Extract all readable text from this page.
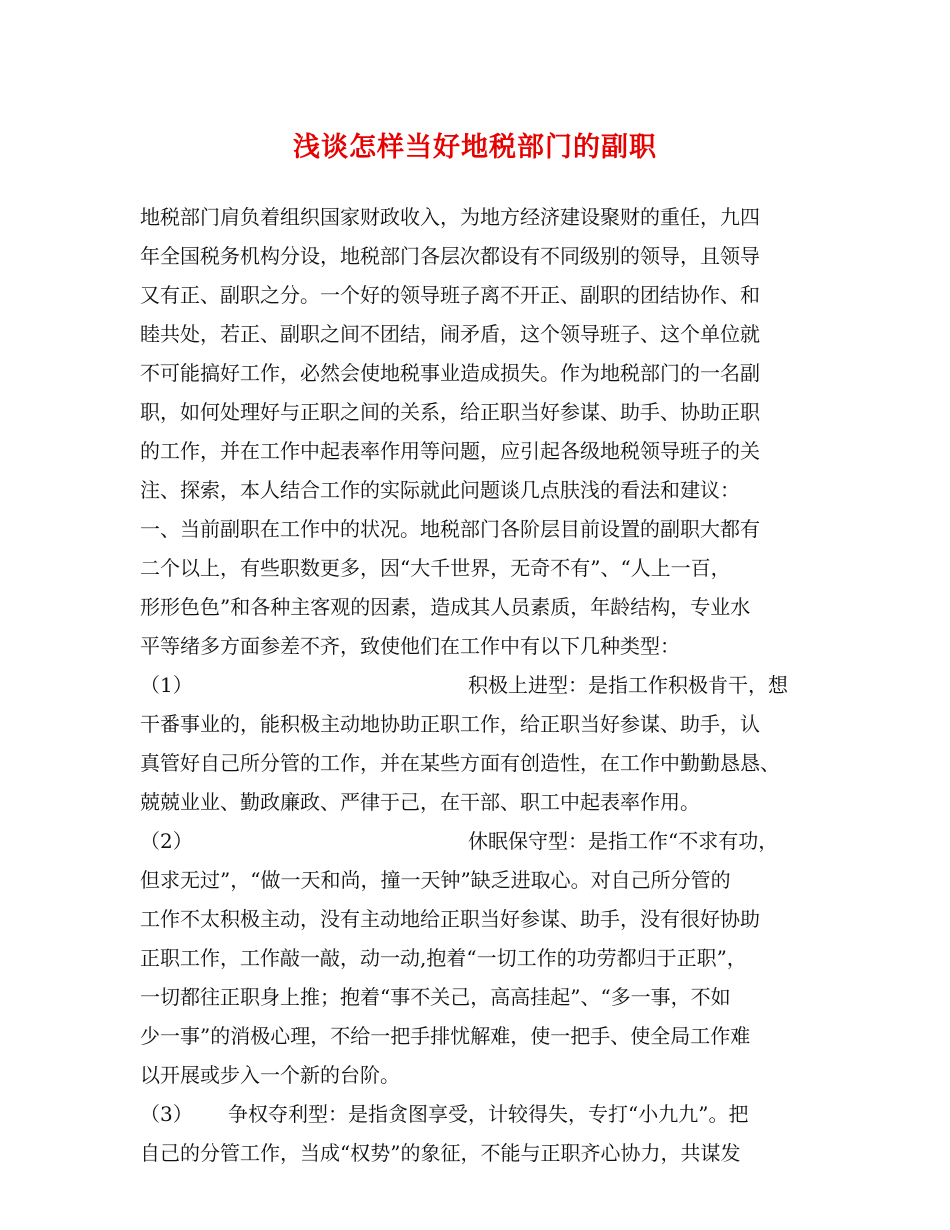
浅谈怎样当好地税部门的副职
地税部门肩负着组织国家财政收入，为地方经济建设聚财的重任，九四
年全国税务机构分设，地税部门各层次都设有不同级别的领导，且领导
又有正、副职之分。一个好的领导班子离不开正、副职的团结协作、和
睦共处，若正、副职之间不团结，闹矛盾，这个领导班子、这个单位就
不可能搞好工作，必然会使地税事业造成损失。作为地税部门的一名副
职，如何处理好与正职之间的关系，给正职当好参谋、助手、协助正职
的工作，并在工作中起表率作用等问题，应引起各级地税领导班子的关
注、探索，本人结合工作的实际就此问题谈几点肤浅的看法和建议：
一、当前副职在工作中的状况。地税部门各阶层目前设置的副职大都有
二个以上，有些职数更多，因“大千世界，无奇不有”、“人上一百，
形形色色”和各种主客观的因素，造成其人员素质，年龄结构，专业水
平等绪多方面参差不齐，致使他们在工作中有以下几种类型：
（1）	积极上进型：是指工作积极肯干，想
干番事业的，能积极主动地协助正职工作，给正职当好参谋、助手，认
真管好自己所分管的工作，并在某些方面有创造性，在工作中勤勤恳恳、
兢兢业业、勤政廉政、严律于己，在干部、职工中起表率作用。
（2）	休眠保守型：是指工作“不求有功，
但求无过”，“做一天和尚，撞一天钟”缺乏进取心。对自己所分管的
工作不太积极主动，没有主动地给正职当好参谋、助手，没有很好协助
正职工作，工作敲一敲，动一动,抱着“一切工作的功劳都归于正职”，
一切都往正职身上推；抱着“事不关己，高高挂起”、“多一事，不如
少一事”的消极心理，不给一把手排忧解难，使一把手、使全局工作难
以开展或步入一个新的台阶。
（3） 争权夺利型：是指贪图享受，计较得失，专打“小九九”。把
自己的分管工作，当成“权势”的象征，不能与正职齐心协力，共谋发
